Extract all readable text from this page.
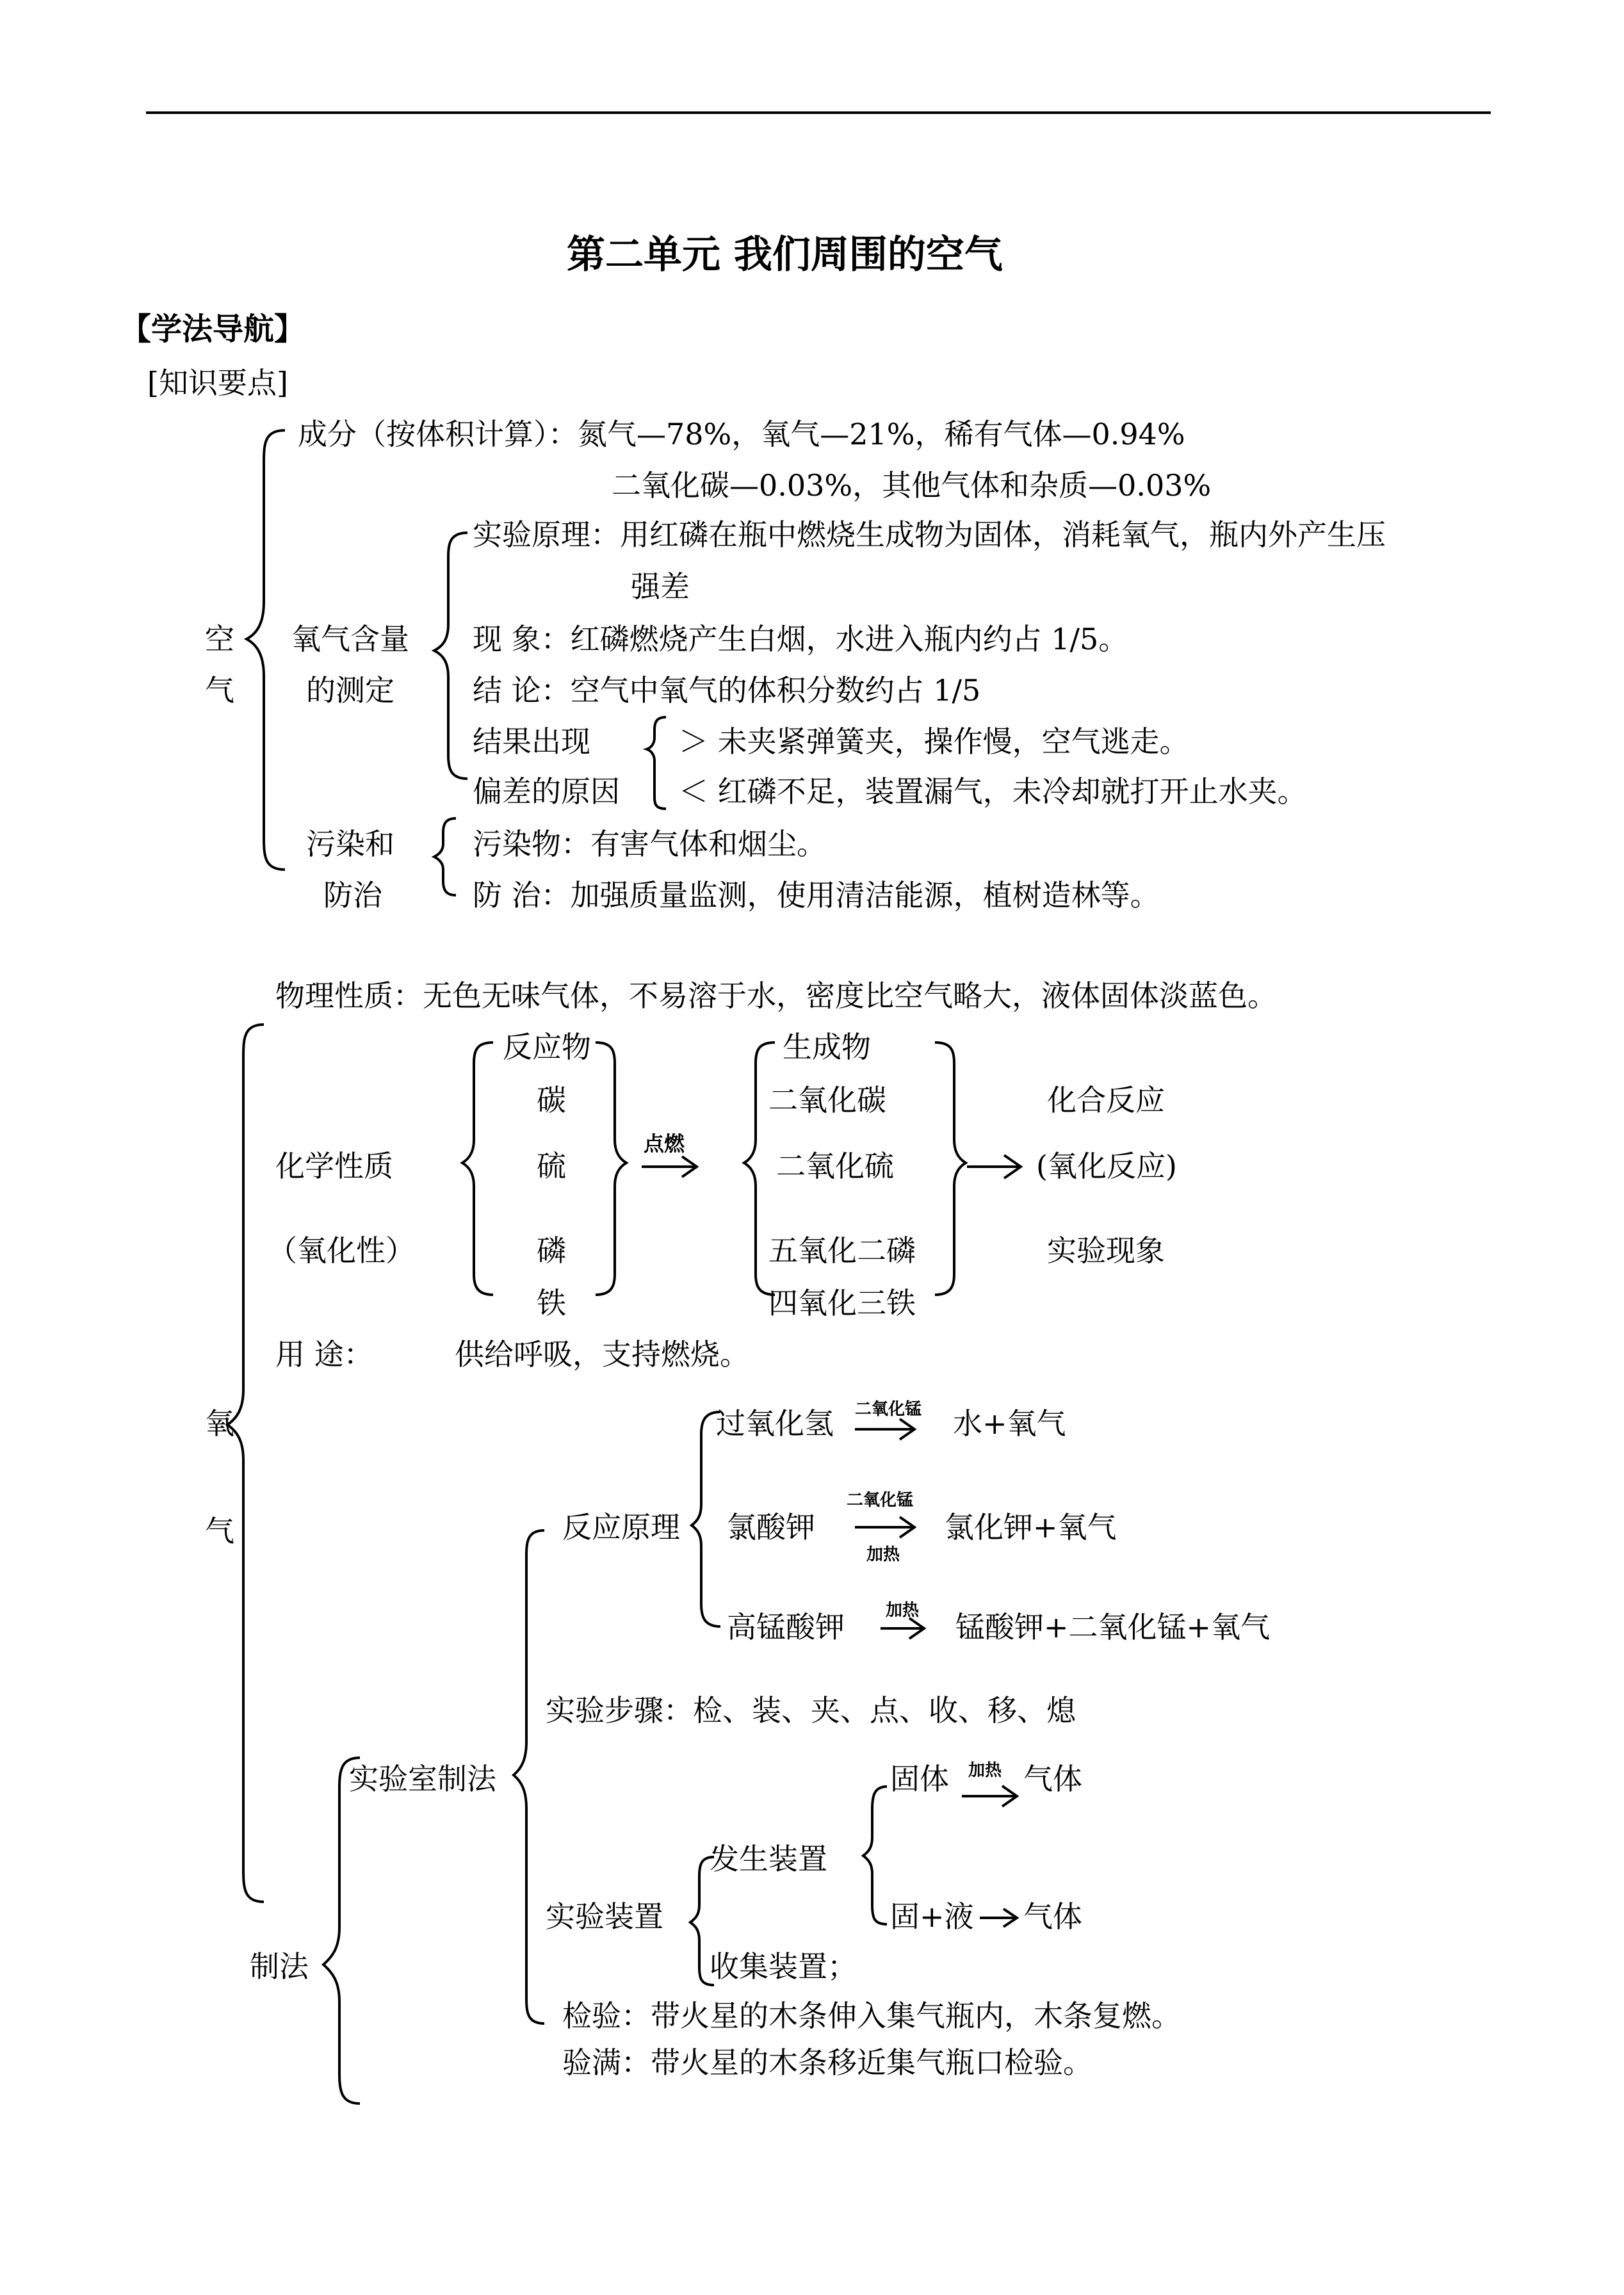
第二单元 我们周围的空气
【学法导航】
[知识要点]
空
气
成分（按体积计算）：氮气—78%，氧气—21%，稀有气体—0.94%
二氧化碳—0.03%，其他气体和杂质—0.03%
氧气含量
的测定
实验原理：用红磷在瓶中燃烧生成物为固体，消耗氧气，瓶内外产生压
强差
现 象：红磷燃烧产生白烟，水进入瓶内约占 1/5。
结 论：空气中氧气的体积分数约占 1/5
结果出现
偏差的原因
＞ 未夹紧弹簧夹，操作慢，空气逃走。
＜ 红磷不足，装置漏气，未冷却就打开止水夹。
污染和
防治
污染物：有害气体和烟尘。
防 治：加强质量监测，使用清洁能源，植树造林等。
物理性质：无色无味气体，不易溶于水，密度比空气略大，液体固体淡蓝色。
氧
气
化学性质
（氧化性）
反应物
碳
硫
磷
铁
点燃
生成物
二氧化碳
二氧化硫
五氧化二磷
四氧化三铁
化合反应
(氧化反应)
实验现象
用 途：	供给呼吸，支持燃烧。
制法
实验室制法
反应原理
过氧化氢 二氧化锰 水+氧气
氯酸钾
二氧化锰
加热
氯化钾+氧气
高锰酸钾 加热 锰酸钾+二氧化锰+氧气
实验步骤：检、装、夹、点、收、移、熄
固体 加热 气体
发生装置
实验装置	固+液 气体
收集装置；
检验：带火星的木条伸入集气瓶内，木条复燃。
验满：带火星的木条移近集气瓶口检验。
